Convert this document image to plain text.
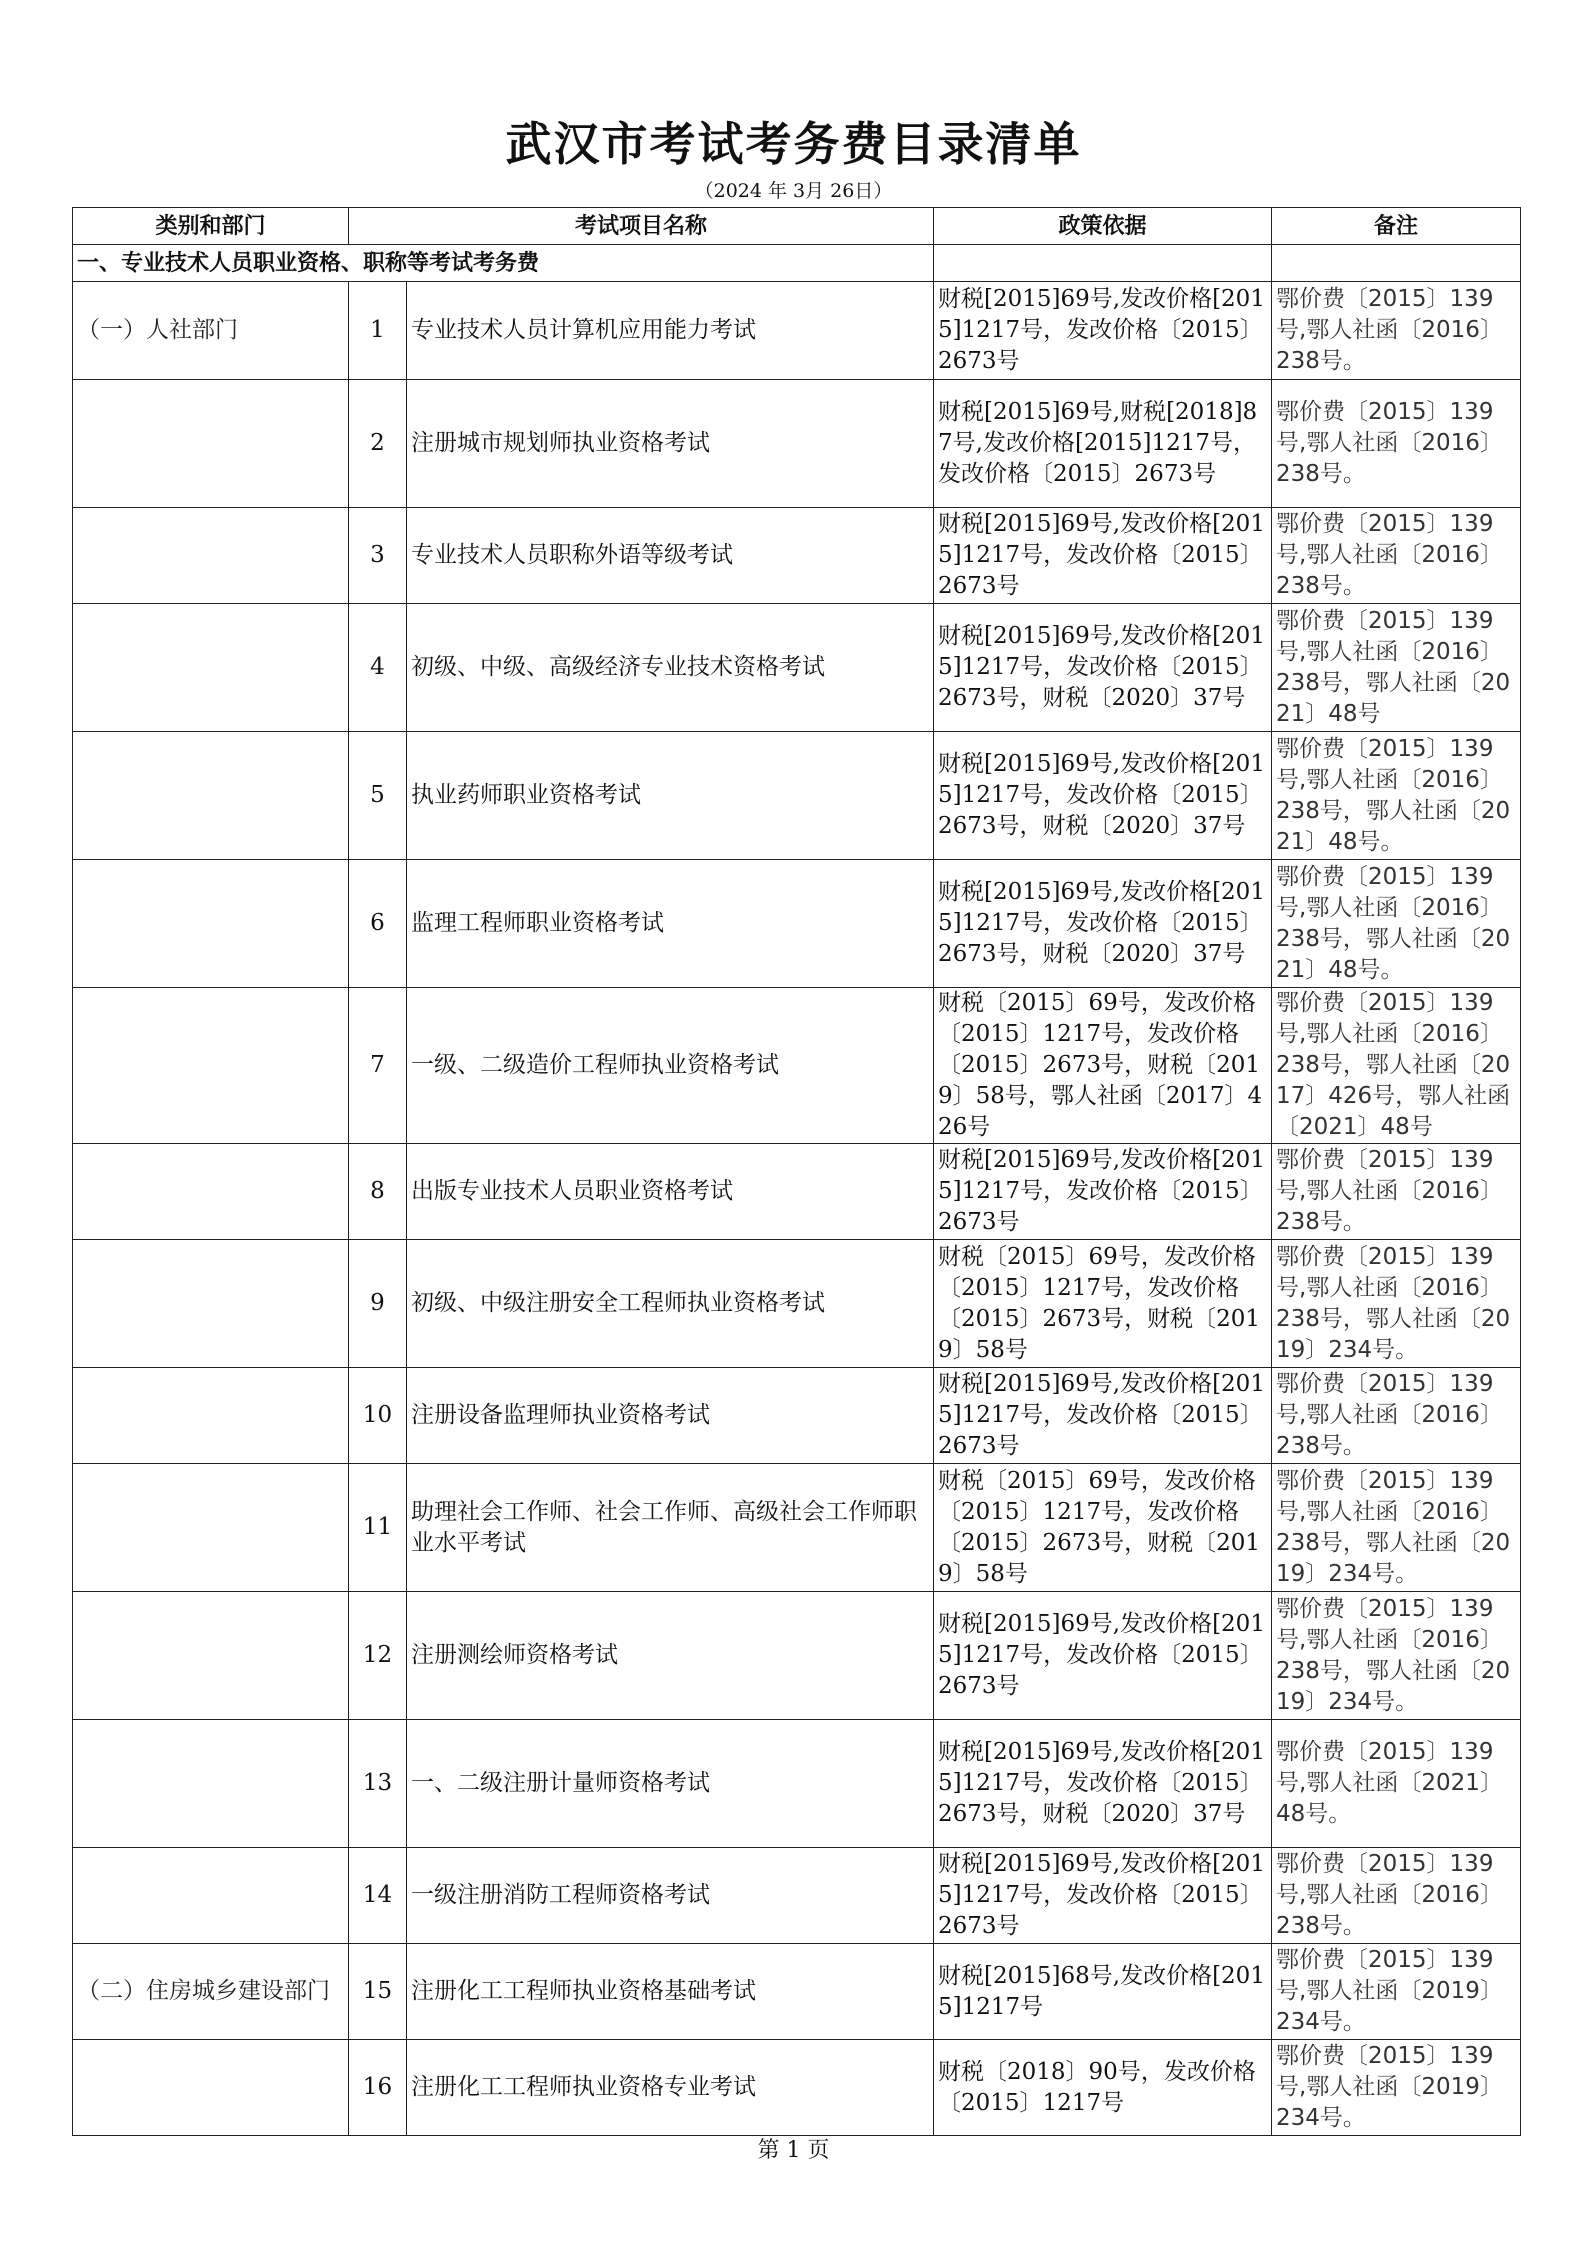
武汉市考试考务费目录清单
（2024 年 3月 26日）
类别和部门	考试项目名称		政策依据	备注
一、专业技术人员职业资格、职称等考试考务费				
（一）人社部门	1	专业技术人员计算机应用能力考试	财税[2015]69号,发改价格[2015]1217号，发改价格〔2015〕2673号	鄂价费〔2015〕139号,鄂人社函〔2016〕238号。
	2	注册城市规划师执业资格考试	财税[2015]69号,财税[2018]87号,发改价格[2015]1217号，发改价格〔2015〕2673号	鄂价费〔2015〕139号,鄂人社函〔2016〕238号。
	3	专业技术人员职称外语等级考试	财税[2015]69号,发改价格[2015]1217号，发改价格〔2015〕2673号	鄂价费〔2015〕139号,鄂人社函〔2016〕238号。
	4	初级、中级、高级经济专业技术资格考试	财税[2015]69号,发改价格[2015]1217号，发改价格〔2015〕2673号，财税〔2020〕37号	鄂价费〔2015〕139号,鄂人社函〔2016〕238号，鄂人社函〔2021〕48号
	5	执业药师职业资格考试	财税[2015]69号,发改价格[2015]1217号，发改价格〔2015〕2673号，财税〔2020〕37号	鄂价费〔2015〕139号,鄂人社函〔2016〕238号，鄂人社函〔2021〕48号。
	6	监理工程师职业资格考试	财税[2015]69号,发改价格[2015]1217号，发改价格〔2015〕2673号，财税〔2020〕37号	鄂价费〔2015〕139号,鄂人社函〔2016〕238号，鄂人社函〔2021〕48号。
	7	一级、二级造价工程师执业资格考试	财税〔2015〕69号，发改价格〔2015〕1217号，发改价格〔2015〕2673号，财税〔2019〕58号，鄂人社函〔2017〕426号	鄂价费〔2015〕139号,鄂人社函〔2016〕238号，鄂人社函〔2017〕426号，鄂人社函〔2021〕48号
	8	出版专业技术人员职业资格考试	财税[2015]69号,发改价格[2015]1217号，发改价格〔2015〕2673号	鄂价费〔2015〕139号,鄂人社函〔2016〕238号。
	9	初级、中级注册安全工程师执业资格考试	财税〔2015〕69号，发改价格〔2015〕1217号，发改价格〔2015〕2673号，财税〔2019〕58号	鄂价费〔2015〕139号,鄂人社函〔2016〕238号，鄂人社函〔2019〕234号。
	10	注册设备监理师执业资格考试	财税[2015]69号,发改价格[2015]1217号，发改价格〔2015〕2673号	鄂价费〔2015〕139号,鄂人社函〔2016〕238号。
	11	助理社会工作师、社会工作师、高级社会工作师职业水平考试	财税〔2015〕69号，发改价格〔2015〕1217号，发改价格〔2015〕2673号，财税〔2019〕58号	鄂价费〔2015〕139号,鄂人社函〔2016〕238号，鄂人社函〔2019〕234号。
	12	注册测绘师资格考试	财税[2015]69号,发改价格[2015]1217号，发改价格〔2015〕2673号	鄂价费〔2015〕139号,鄂人社函〔2016〕238号，鄂人社函〔2019〕234号。
	13	一、二级注册计量师资格考试	财税[2015]69号,发改价格[2015]1217号，发改价格〔2015〕2673号，财税〔2020〕37号	鄂价费〔2015〕139号,鄂人社函〔2021〕48号。
	14	一级注册消防工程师资格考试	财税[2015]69号,发改价格[2015]1217号，发改价格〔2015〕2673号	鄂价费〔2015〕139号,鄂人社函〔2016〕238号。
（二）住房城乡建设部门	15	注册化工工程师执业资格基础考试	财税[2015]68号,发改价格[2015]1217号	鄂价费〔2015〕139号,鄂人社函〔2019〕234号。
	16	注册化工工程师执业资格专业考试	财税〔2018〕90号，发改价格〔2015〕1217号	鄂价费〔2015〕139号,鄂人社函〔2019〕234号。
第 1 页
